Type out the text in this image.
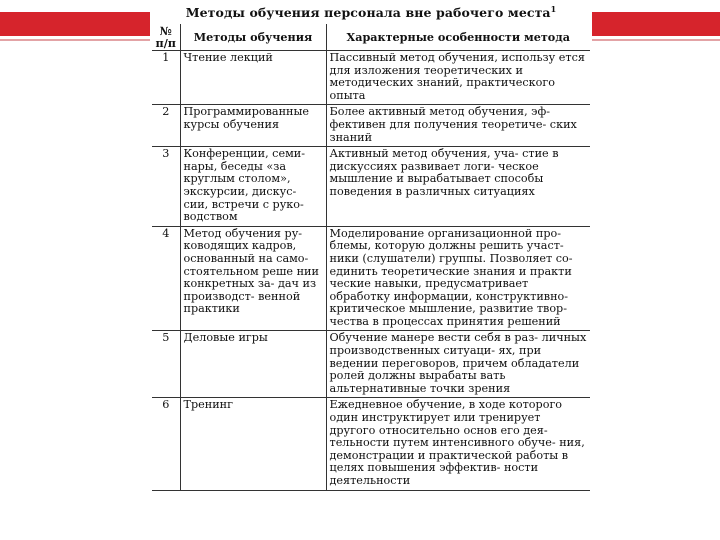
Методы обучения персонала вне рабочего места$^1$
№ п/п	Методы обучения	Характерные особенности метода
1	Чтение лекций	Пассивный метод обучения, использу ется для изложения теоретических и методических знаний, практического опыта
2	Программированные курсы обучения	Более активный метод обучения, эф- фективен для получения теоретиче- ских знаний
3	Конференции, семи- нары, беседы «за круглым столом», экскурсии, дискус- сии, встречи с руко- водством	Активный метод обучения, уча- стие в дискуссиях развивает логи- ческое мышление и вырабатывает способы поведения в различных ситуациях
4	Метод обучения ру- ководящих кадров, основанный на само- стоятельном реше нии конкретных за- дач из производст- венной практики	Моделирование организационной про- блемы, которую должны решить участ- ники (слушатели) группы. Позволяет со- единить теоретические знания и практи ческие навыки, предусматривает обработку информации, конструктивно- критическое мышление, развитие твор- чества в процессах принятия решений
5	Деловые игры	Обучение манере вести себя в раз- личных производственных ситуаци- ях, при ведении переговоров, причем обладатели ролей должны вырабаты вать альтернативные точки зрения
6	Тренинг	Ежедневное обучение, в ходе которого один инструктирует или тренирует другого относительно основ его дея- тельности путем интенсивного обуче- ния, демонстрации и практической работы в целях повышения эффектив- ности деятельности
